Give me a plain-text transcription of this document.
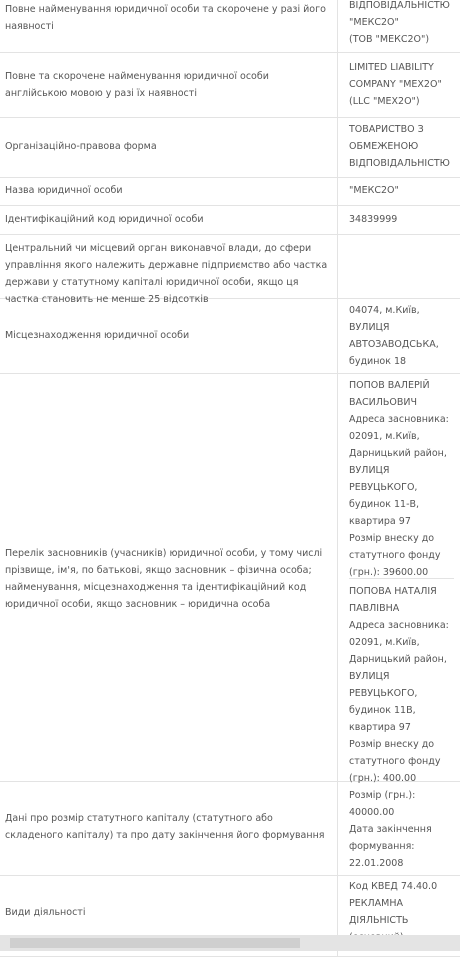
Повне найменування юридичної особи та скорочене у разі його наявності
ВІДПОВІДАЛЬНІСТЮ
"МЕКС2О"
(ТОВ "МЕКС2О")
Повне та скорочене найменування юридичної особи англійською мовою у разі їх наявності
LIMITED LIABILITY
COMPANY "MEX2O"
(LLC "MEX2O")
Організаційно-правова форма
ТОВАРИСТВО З
ОБМЕЖЕНОЮ
ВІДПОВІДАЛЬНІСТЮ
Назва юридичної особи	"МЕКС2О"
Ідентифікаційний код юридичної особи	34839999
Центральний чи місцевий орган виконавчої влади, до сфери управління якого належить державне підприємство або частка держави у статутному капіталі юридичної особи, якщо ця частка становить не менше 25 відсотків
Місцезнаходження юридичної особи
04074, м.Київ,
ВУЛИЦЯ
АВТОЗАВОДСЬКА,
будинок 18
Перелік засновників (учасників) юридичної особи, у тому числі прізвище, ім'я, по батькові, якщо засновник – фізична особа; найменування, місцезнаходження та ідентифікаційний код юридичної особи, якщо засновник – юридична особа
ПОПОВ ВАЛЕРІЙ
ВАСИЛЬОВИЧ
Адреса засновника:
02091, м.Київ,
Дарницький район,
ВУЛИЦЯ
РЕВУЦЬКОГО,
будинок 11-В,
квартира 97
Розмір внеску до
статутного фонду
(грн.): 39600.00
ПОПОВА НАТАЛІЯ
ПАВЛІВНА
Адреса засновника:
02091, м.Київ,
Дарницький район,
ВУЛИЦЯ
РЕВУЦЬКОГО,
будинок 11В,
квартира 97
Розмір внеску до
статутного фонду
(грн.): 400.00
Дані про розмір статутного капіталу (статутного або складеного капіталу) та про дату закінчення його формування
Розмір (грн.):
40000.00
Дата закінчення
формування:
22.01.2008
Види діяльності
Код КВЕД 74.40.0
РЕКЛАМНА
ДІЯЛЬНІСТЬ
